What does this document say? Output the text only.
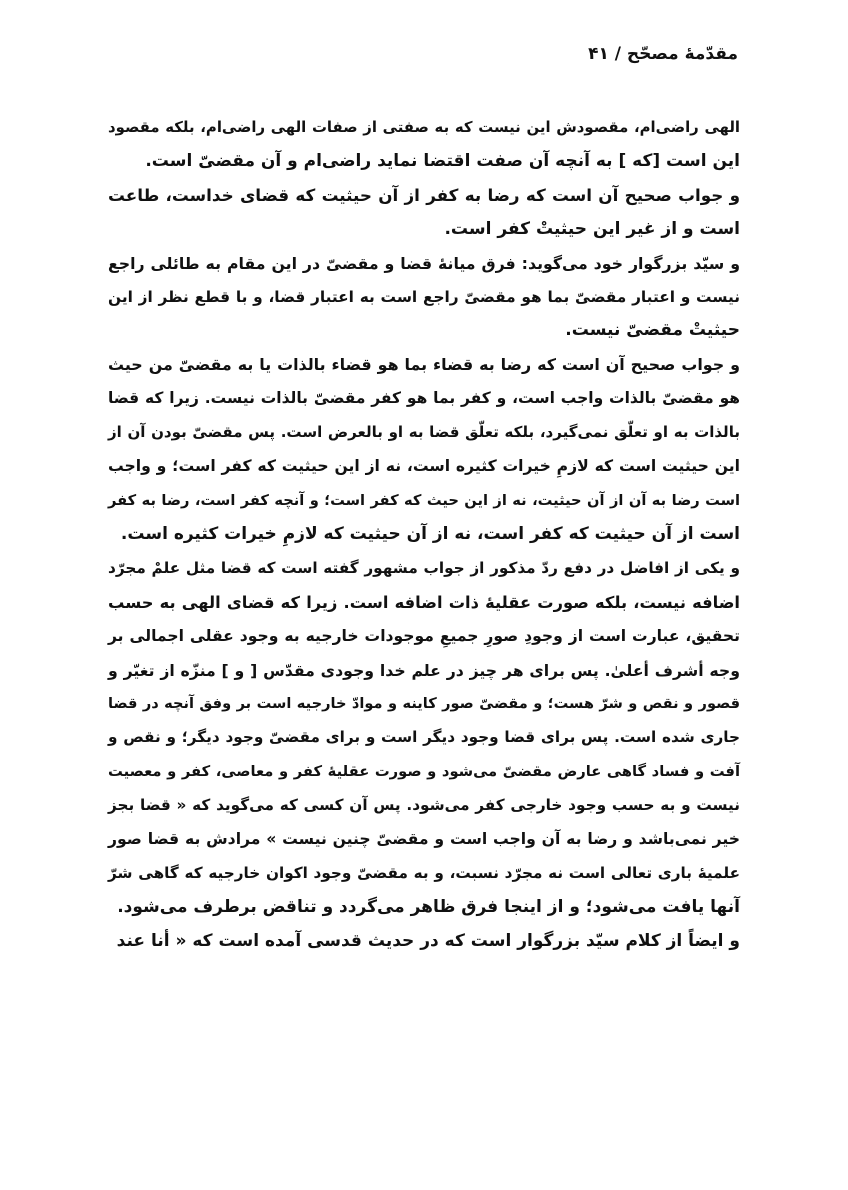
مقدّمهٔ مصحّح / ۴۱
الهی راضی‌ام، مقصودش این نیست که به صفتی از صفات الهی راضی‌ام، بلکه مقصود
این است [که ] به آنچه آن صفت اقتضا نماید راضی‌ام و آن مقضیّ است.
و جواب صحیح آن است که رضا به کفر از آن حیثیت که قضای خداست، طاعت
است و از غیر این حیثیتْ کفر است.
و سیّد بزرگوار خود می‌گوید: فرق میانهٔ قضا و مقضیّ در این مقام به طائلی راجع
نیست و اعتبار مقضیّ بما هو مقضیّ راجع است به اعتبار قضا، و با قطع نظر از این
حیثیتْ مقضیّ نیست.
و جواب صحیح آن است که رضا به قضاء بما هو قضاء بالذات یا به مقضیّ من حیث
هو مقضیّ بالذات واجب است، و کفر بما هو کفر مقضیّ بالذات نیست. زیرا که قضا
بالذات به او تعلّق نمی‌گیرد، بلکه تعلّق قضا به او بالعرض است. پس مقضیّ بودن آن از
این حیثیت است که لازمِ خیرات کثیره است، نه از این حیثیت که کفر است؛ و واجب
است رضا به آن از آن حیثیت، نه از این حیث که کفر است؛ و آنچه کفر است، رضا به کفر
است از آن حیثیت که کفر است، نه از آن حیثیت که لازمِ خیرات کثیره است.
و یکی از افاضل در دفع ردّ مذکور از جواب مشهور گفته است که قضا مثل علمْ مجرّد
اضافه نیست، بلکه صورت عقلیهٔ ذات اضافه است. زیرا که قضای الهی به حسب
تحقیق، عبارت است از وجودِ صورِ جمیعِ موجودات خارجیه به وجود عقلی اجمالی بر
وجه أشرف أعلیٰ. پس برای هر چیز در علم خدا وجودی مقدّس [ و ] منزّه از تغیّر و
قصور و نقص و شرّ هست؛ و مقضیّ صور کاینه و موادّ خارجیه است بر وفق آنچه در قضا
جاری شده است. پس برای قضا وجود دیگر است و برای مقضیّ وجود دیگر؛ و نقص و
آفت و فساد گاهی عارض مقضیّ می‌شود و صورت عقلیهٔ کفر و معاصی، کفر و معصیت
نیست و به حسب وجود خارجی کفر می‌شود. پس آن کسی که می‌گوید که « قضا بجز
خیر نمی‌باشد و رضا به آن واجب است و مقضیّ چنین نیست » مرادش به قضا صور
علمیهٔ باری تعالی است نه مجرّد نسبت، و به مقضیّ وجود اکوان خارجیه که گاهی شرّ
آنها یافت می‌شود؛ و از اینجا فرق ظاهر می‌گردد و تناقض برطرف می‌شود.
و ایضاً از کلام سیّد بزرگوار است که در حدیث قدسی آمده است که « أنا عند
